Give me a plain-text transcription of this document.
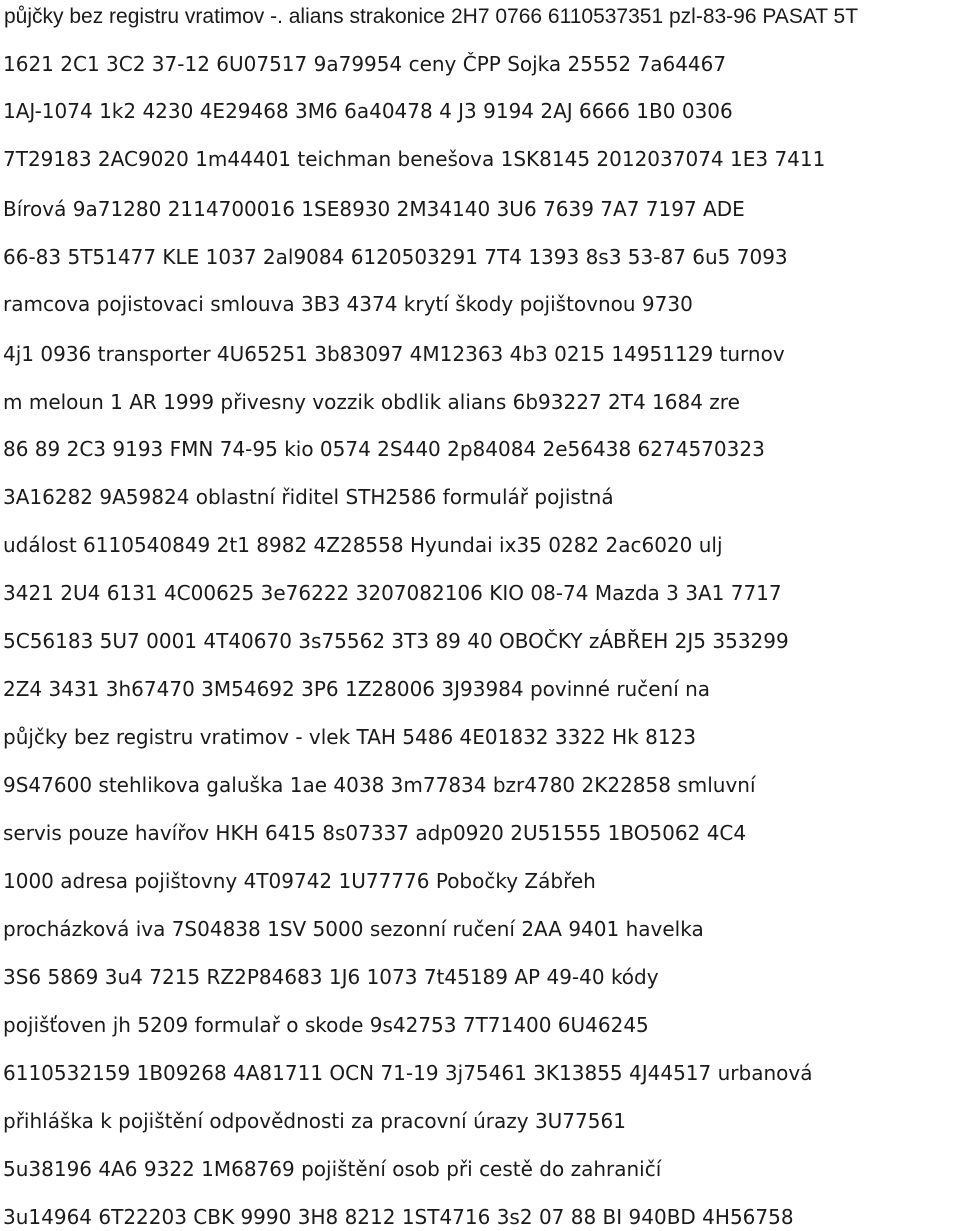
půjčky bez registru vratimov -. alians strakonice 2H7 0766 6110537351 pzl-83-96 PASAT 5T

1621 2C1 3C2 37-12 6U07517 9a79954 ceny ČPP Sojka 25552 7a64467

1AJ-1074 1k2 4230 4E29468 3M6 6a40478 4 J3 9194 2AJ 6666 1B0 0306

7T29183 2AC9020 1m44401 teichman benešova 1SK8145 2012037074 1E3 7411

Bírová 9a71280 2114700016 1SE8930 2M34140 3U6 7639 7A7 7197 ADE

66-83 5T51477 KLE 1037 2al9084 6120503291 7T4 1393 8s3 53-87 6u5 7093

ramcova pojistovaci smlouva 3B3 4374 krytí škody pojištovnou 9730

4j1 0936 transporter 4U65251 3b83097 4M12363 4b3 0215 14951129 turnov

m meloun 1 AR 1999 přivesny vozzik obdlik alians 6b93227 2T4 1684 zre

86 89 2C3 9193 FMN 74-95 kio 0574 2S440 2p84084 2e56438 6274570323

3A16282 9A59824 oblastní řiditel STH2586 formulář pojistná

událost 6110540849 2t1 8982 4Z28558 Hyundai ix35 0282 2ac6020 ulj

3421 2U4 6131 4C00625 3e76222 3207082106 KIO 08-74 Mazda 3 3A1 7717

5C56183 5U7 0001 4T40670 3s75562 3T3 89 40 OBOČKY zÁBŘEH 2J5 353299

2Z4 3431 3h67470 3M54692 3P6 1Z28006 3J93984 povinné ručení na

půjčky bez registru vratimov - vlek TAH 5486 4E01832 3322 Hk 8123

9S47600 stehlikova galuška 1ae 4038 3m77834 bzr4780 2K22858 smluvní

servis pouze havířov HKH 6415 8s07337 adp0920 2U51555 1BO5062 4C4

1000 adresa pojištovny 4T09742 1U77776 Pobočky Zábřeh

procházková iva 7S04838 1SV 5000 sezonní ručení 2AA 9401 havelka

3S6 5869 3u4 7215 RZ2P84683 1J6 1073 7t45189 AP 49-40 kódy

pojišťoven jh 5209 formulař o skode 9s42753 7T71400 6U46245

6110532159 1B09268 4A81711 OCN 71-19 3j75461 3K13855 4J44517 urbanová

přihláška k pojištění odpovědnosti za pracovní úrazy 3U77561

5u38196 4A6 9322 1M68769 pojištění osob při cestě do zahraničí

3u14964 6T22203 CBK 9990 3H8 8212 1ST4716 3s2 07 88 BI 940BD 4H56758
